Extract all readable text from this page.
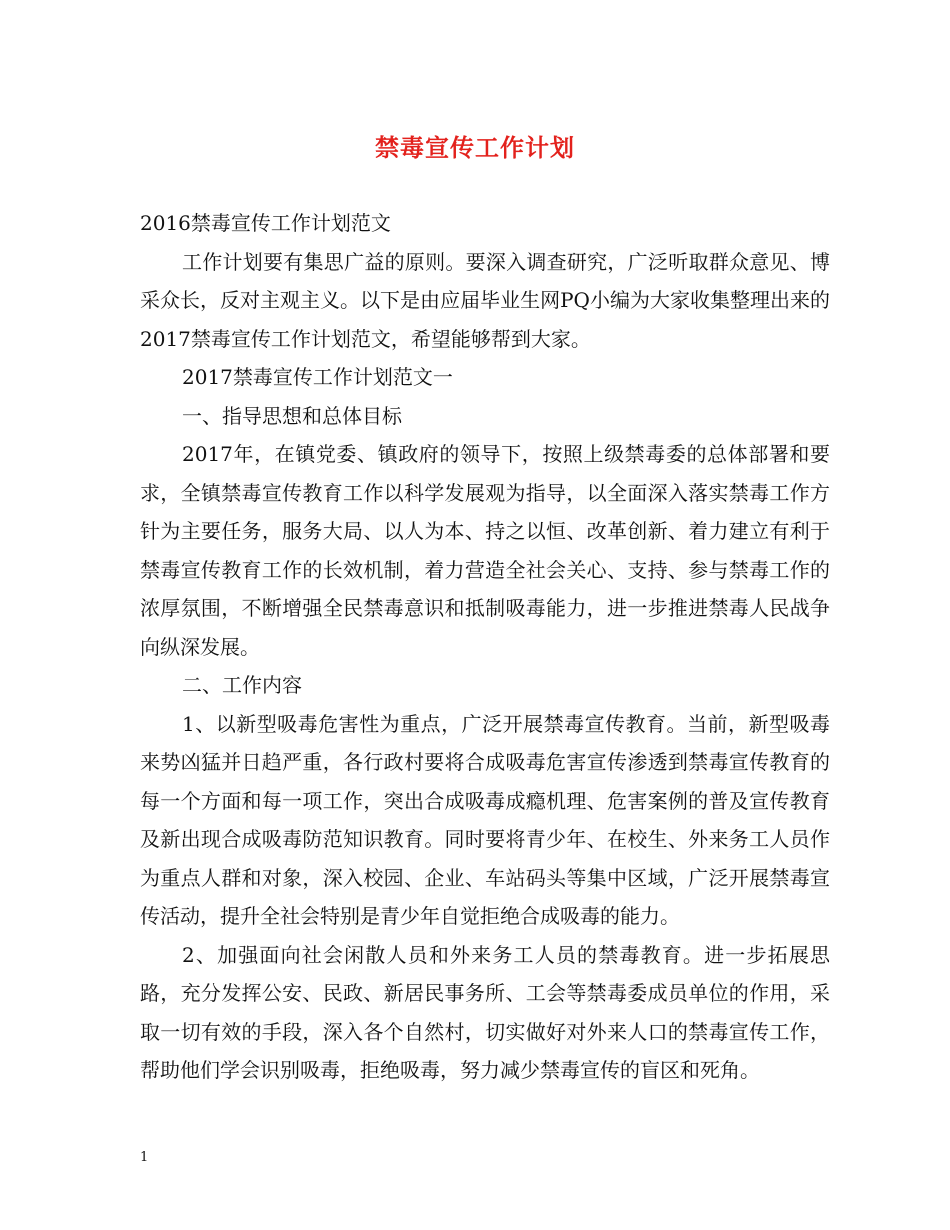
禁毒宣传工作计划

2016禁毒宣传工作计划范文

工作计划要有集思广益的原则。要深入调查研究，广泛听取群众意见、博采众长，反对主观主义。以下是由应届毕业生网PQ小编为大家收集整理出来的2017禁毒宣传工作计划范文，希望能够帮到大家。

2017禁毒宣传工作计划范文一

一、指导思想和总体目标

2017年，在镇党委、镇政府的领导下，按照上级禁毒委的总体部署和要求，全镇禁毒宣传教育工作以科学发展观为指导，以全面深入落实禁毒工作方针为主要任务，服务大局、以人为本、持之以恒、改革创新、着力建立有利于禁毒宣传教育工作的长效机制，着力营造全社会关心、支持、参与禁毒工作的浓厚氛围，不断增强全民禁毒意识和抵制吸毒能力，进一步推进禁毒人民战争向纵深发展。

二、工作内容

1、以新型吸毒危害性为重点，广泛开展禁毒宣传教育。当前，新型吸毒来势凶猛并日趋严重，各行政村要将合成吸毒危害宣传渗透到禁毒宣传教育的每一个方面和每一项工作，突出合成吸毒成瘾机理、危害案例的普及宣传教育及新出现合成吸毒防范知识教育。同时要将青少年、在校生、外来务工人员作为重点人群和对象，深入校园、企业、车站码头等集中区域，广泛开展禁毒宣传活动，提升全社会特别是青少年自觉拒绝合成吸毒的能力。

2、加强面向社会闲散人员和外来务工人员的禁毒教育。进一步拓展思路，充分发挥公安、民政、新居民事务所、工会等禁毒委成员单位的作用，采取一切有效的手段，深入各个自然村，切实做好对外来人口的禁毒宣传工作，帮助他们学会识别吸毒，拒绝吸毒，努力减少禁毒宣传的盲区和死角。

1
